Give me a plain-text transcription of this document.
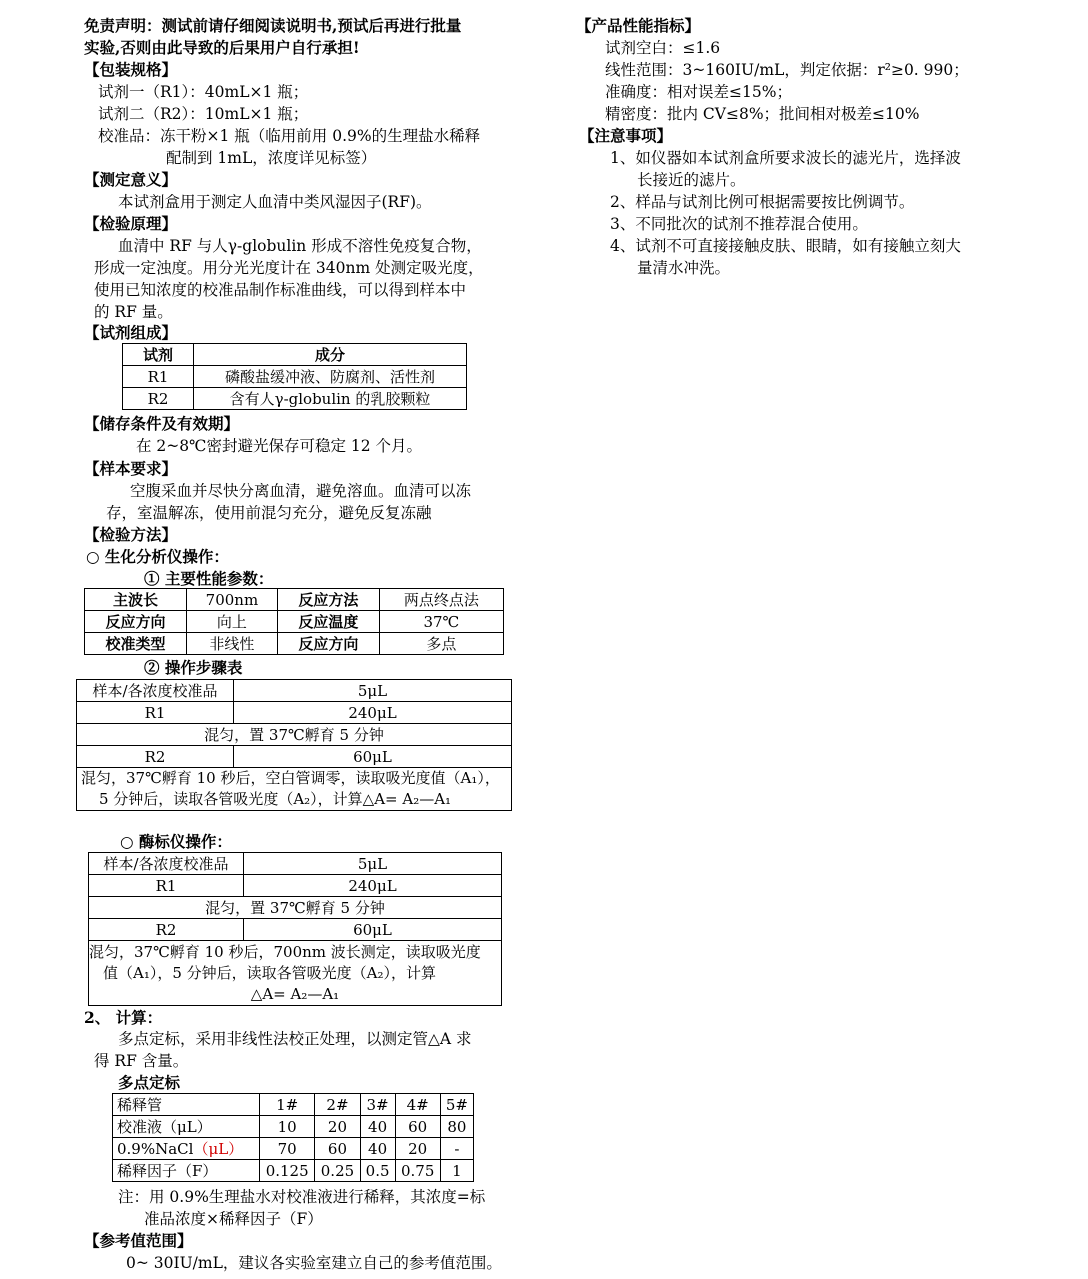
免责声明：测试前请仔细阅读说明书,预试后再进行批量
实验,否则由此导致的后果用户自行承担!
【包装规格】
试剂一（R1）：40mL×1 瓶；
试剂二（R2）：10mL×1 瓶；
校准品：冻干粉×1 瓶（临用前用 0.9%的生理盐水稀释
配制到 1mL，浓度详见标签）
【测定意义】
本试剂盒用于测定人血清中类风湿因子(RF)。
【检验原理】
血清中 RF 与人γ-globulin 形成不溶性免疫复合物，
形成一定浊度。用分光光度计在 340nm 处测定吸光度，
使用已知浓度的校准品制作标准曲线，可以得到样本中
的 RF 量。
【试剂组成】
试剂	成分
R1	磷酸盐缓冲液、防腐剂、活性剂
R2	含有人γ-globulin 的乳胶颗粒
【储存条件及有效期】
在 2~8℃密封避光保存可稳定 12 个月。
【样本要求】
空腹采血并尽快分离血清，避免溶血。血清可以冻
存，室温解冻，使用前混匀充分，避免反复冻融
【检验方法】
○ 生化分析仪操作：
① 主要性能参数：
主波长	700nm	反应方法	两点终点法
反应方向	向上	反应温度	37℃
校准类型	非线性	反应方向	多点
② 操作步骤表
样本/各浓度校准品	5μL
R1	240μL
混匀，置 37℃孵育 5 分钟	
R2	60μL
混匀，37℃孵育 10 秒后，空白管调零，读取吸光度值（A₁），
5 分钟后，读取各管吸光度（A₂），计算△A= A₂—A₁	
○ 酶标仪操作：
样本/各浓度校准品	5μL
R1	240μL
混匀，置 37℃孵育 5 分钟	
R2	60μL

混匀，37℃孵育 10 秒后，700nm 波长测定，读取吸光度
值（A₁），5 分钟后，读取各管吸光度（A₂），计算
△A= A₂—A₁	
2、 计算：
多点定标，采用非线性法校正处理，以测定管△A 求
得 RF 含量。
多点定标
稀释管	1#	2#	3#	4#	5#
校准液（μL）	10	20	40	60	80
0.9%NaCl（μL）	70	60	40	20	-
稀释因子（F）	0.125	0.25	0.5	0.75	1
注：用 0.9%生理盐水对校准液进行稀释，其浓度=标
准品浓度×稀释因子（F）
【参考值范围】
0~ 30IU/mL，建议各实验室建立自己的参考值范围。
【产品性能指标】
试剂空白：≤1.6
线性范围：3~160IU/mL，判定依据：r²≥0. 990；
准确度：相对误差≤15%；
精密度：批内 CV≤8%；批间相对极差≤10%
【注意事项】
1、如仪器如本试剂盒所要求波长的滤光片，选择波
长接近的滤片。
2、样品与试剂比例可根据需要按比例调节。
3、不同批次的试剂不推荐混合使用。
4、试剂不可直接接触皮肤、眼睛，如有接触立刻大
量清水冲洗。
